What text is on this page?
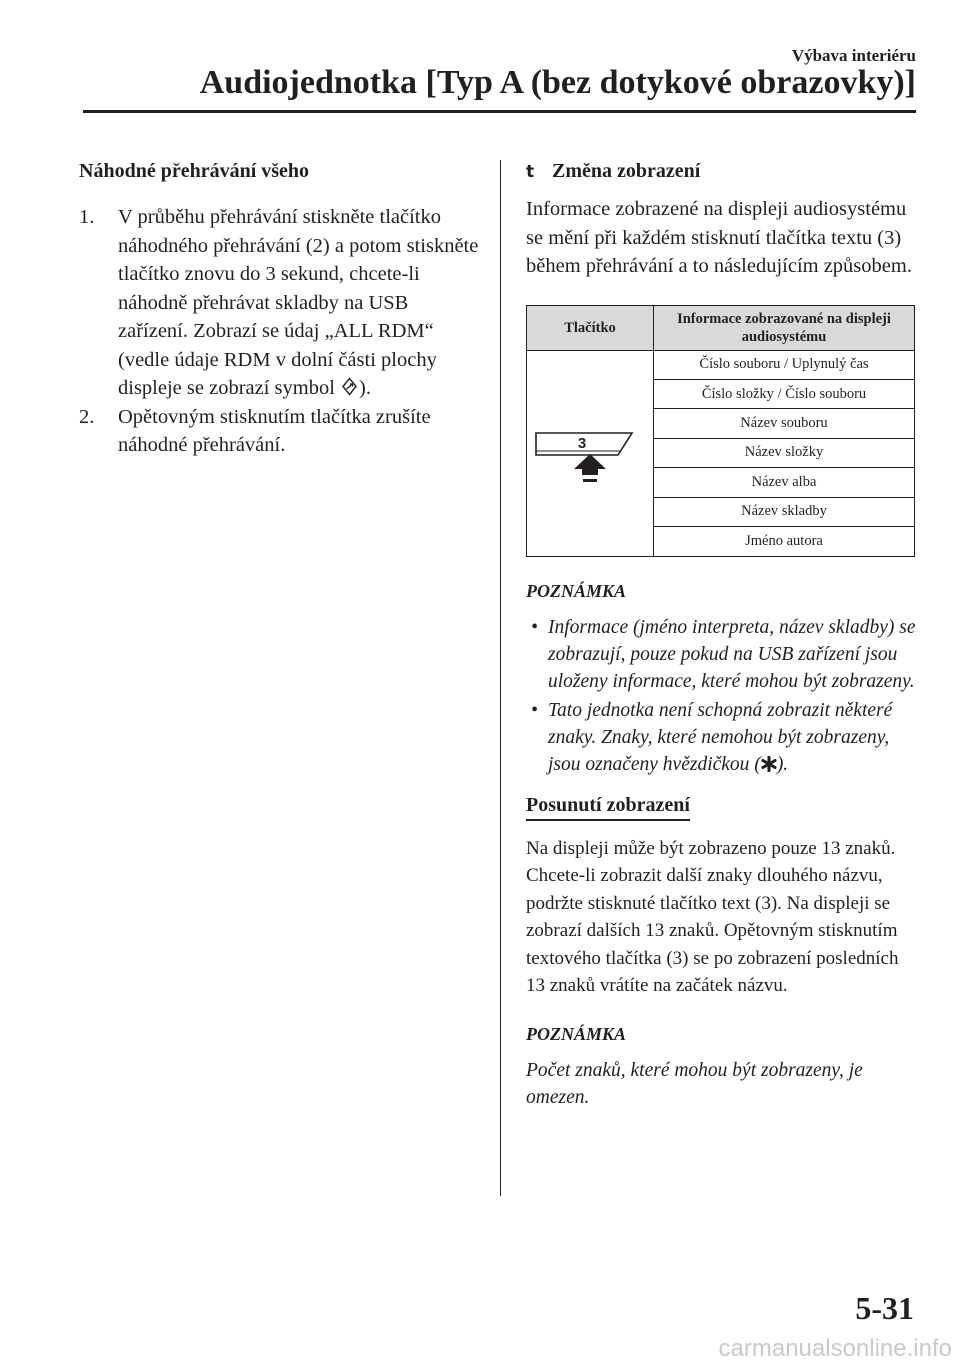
Výbava interiéru
Audiojednotka [Typ A (bez dotykové obrazovky)]
Náhodné přehrávání všeho
1.	V průběhu přehrávání stiskněte tlačítko náhodného přehrávání (2) a potom stiskněte tlačítko znovu do 3 sekund, chcete-li náhodně přehrávat skladby na USB zařízení. Zobrazí se údaj „ALL RDM“ (vedle údaje RDM v dolní části plochy displeje se zobrazí symbol ).
2.	Opětovným stisknutím tlačítka zrušíte náhodné přehrávání.
t Změna zobrazení

Informace zobrazené na displeji audiosystému se mění při každém stisknutí tlačítka textu (3) během přehrávání a to následujícím způsobem.

Tlačítko	Informace zobrazované na displeji audiosystému

3	Číslo souboru / Uplynulý čas
	Číslo složky / Číslo souboru
	Název souboru
	Název složky
	Název alba
	Název skladby
	Jméno autora
POZNÁMKA
• Informace (jméno interpreta, název skladby) se zobrazují, pouze pokud na USB zařízení jsou uloženy informace, které mohou být zobrazeny.
• Tato jednotka není schopná zobrazit některé znaky. Znaky, které nemohou být zobrazeny, jsou označeny hvězdičkou ( ).
Posunutí zobrazení

Na displeji může být zobrazeno pouze 13 znaků. Chcete-li zobrazit další znaky dlouhého názvu, podržte stisknuté tlačítko text (3). Na displeji se zobrazí dalších 13 znaků. Opětovným stisknutím textového tlačítka (3) se po zobrazení posledních 13 znaků vrátíte na začátek názvu.

POZNÁMKA

Počet znaků, které mohou být zobrazeny, je omezen.

5-31
carmanualsonline.info
